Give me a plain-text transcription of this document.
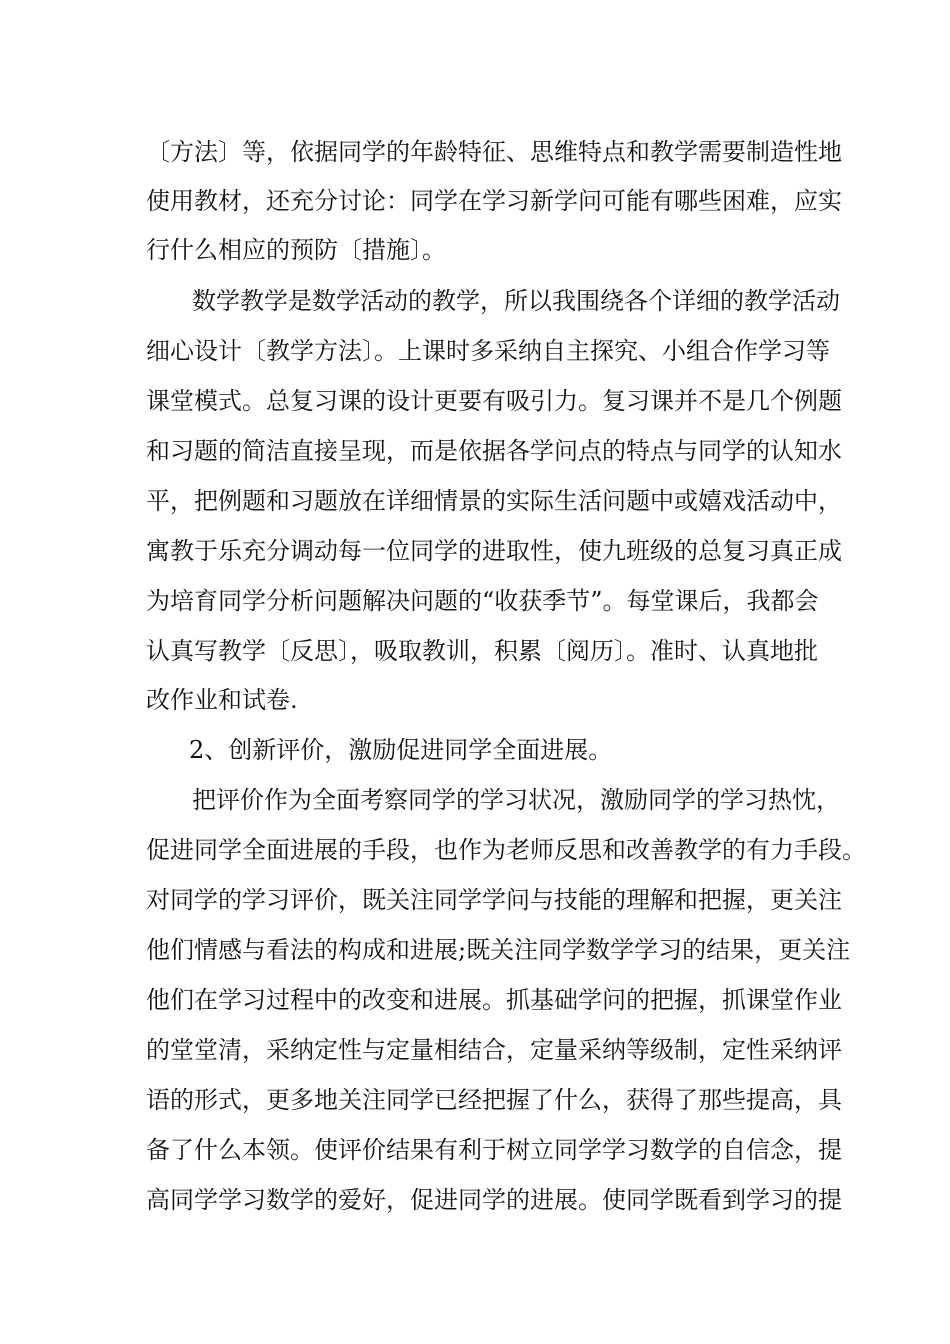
〔方法〕等，依据同学的年龄特征、思维特点和教学需要制造性地
使用教材，还充分讨论：同学在学习新学问可能有哪些困难，应实
行什么相应的预防〔措施〕。
数学教学是数学活动的教学，所以我围绕各个详细的教学活动
细心设计〔教学方法〕。上课时多采纳自主探究、小组合作学习等
课堂模式。总复习课的设计更要有吸引力。复习课并不是几个例题
和习题的简洁直接呈现，而是依据各学问点的特点与同学的认知水
平，把例题和习题放在详细情景的实际生活问题中或嬉戏活动中，
寓教于乐充分调动每一位同学的进取性，使九班级的总复习真正成
为培育同学分析问题解决问题的“收获季节”。每堂课后，我都会
认真写教学〔反思〕，吸取教训，积累〔阅历〕。准时、认真地批
改作业和试卷.
2、创新评价，激励促进同学全面进展。
把评价作为全面考察同学的学习状况，激励同学的学习热忱，
促进同学全面进展的手段，也作为老师反思和改善教学的有力手段。
对同学的学习评价，既关注同学学问与技能的理解和把握，更关注
他们情感与看法的构成和进展;既关注同学数学学习的结果，更关注
他们在学习过程中的改变和进展。抓基础学问的把握，抓课堂作业
的堂堂清，采纳定性与定量相结合，定量采纳等级制，定性采纳评
语的形式，更多地关注同学已经把握了什么，获得了那些提高，具
备了什么本领。使评价结果有利于树立同学学习数学的自信念，提
高同学学习数学的爱好，促进同学的进展。使同学既看到学习的提
